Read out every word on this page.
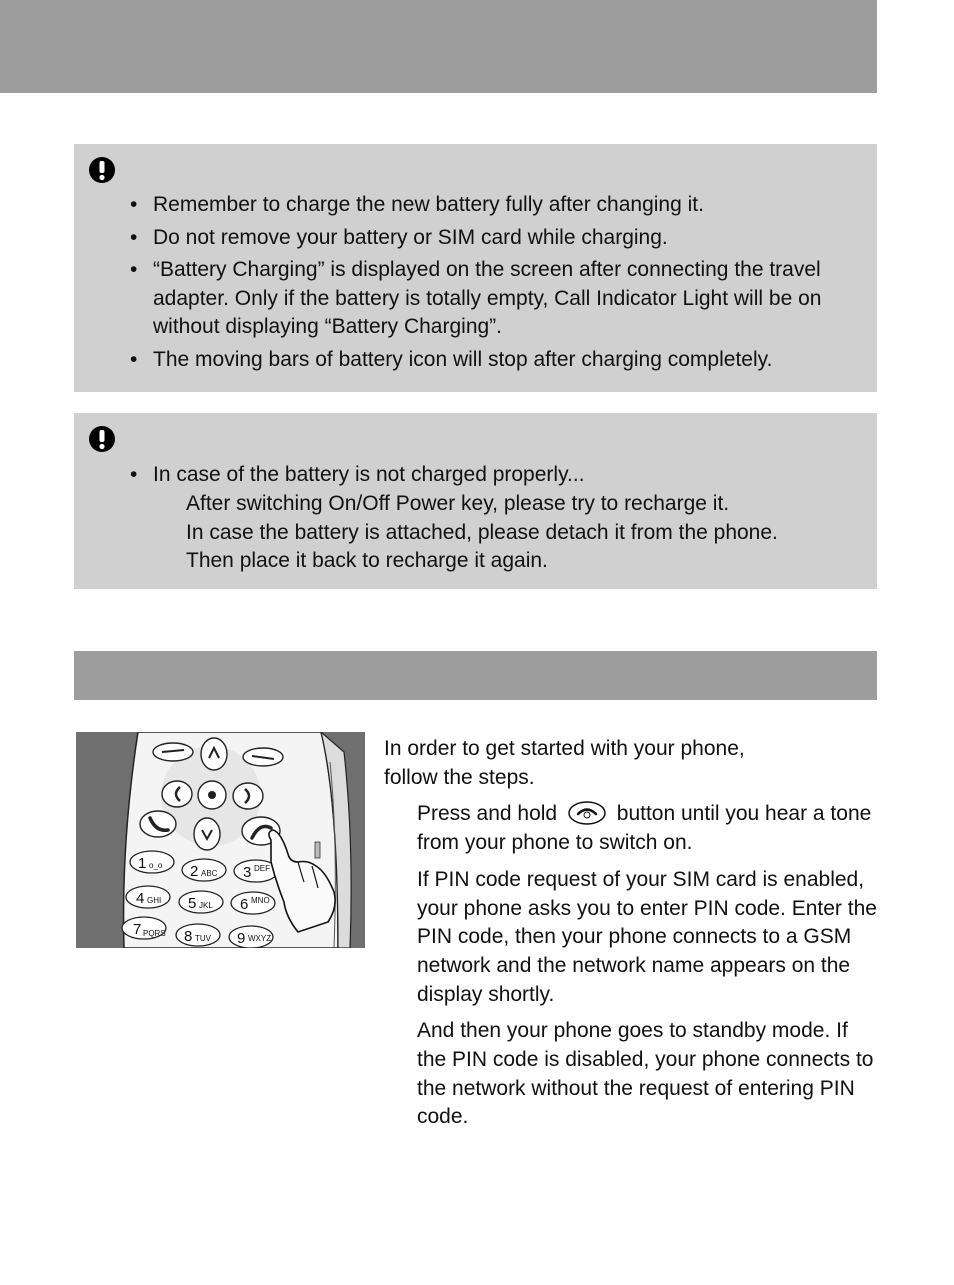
• Remember to charge the new battery fully after changing it.
• Do not remove your battery or SIM card while charging.
• “Battery Charging” is displayed on the screen after connecting the travel adapter. Only if the battery is totally empty, Call Indicator Light will be on without displaying “Battery Charging”.
• The moving bars of battery icon will stop after charging completely.
• In case of the battery is not charged properly...
After switching On/Off Power key, please try to recharge it.
In case the battery is attached, please detach it from the phone.
Then place it back to recharge it again.
1 o_o 2 ABC 3 DEF
4 GHI 5 JKL 6 MNO
7 PQRS 8 TUV 9 WXYZ

In order to get started with your phone, follow the steps.

Press and hold	button until you hear a tone from your phone to switch on.

If PIN code request of your SIM card is enabled, your phone asks you to enter PIN code. Enter the PIN code, then your phone connects to a GSM network and the network name appears on the display shortly.

And then your phone goes to standby mode. If the PIN code is disabled, your phone connects to the network without the request of entering PIN code.
